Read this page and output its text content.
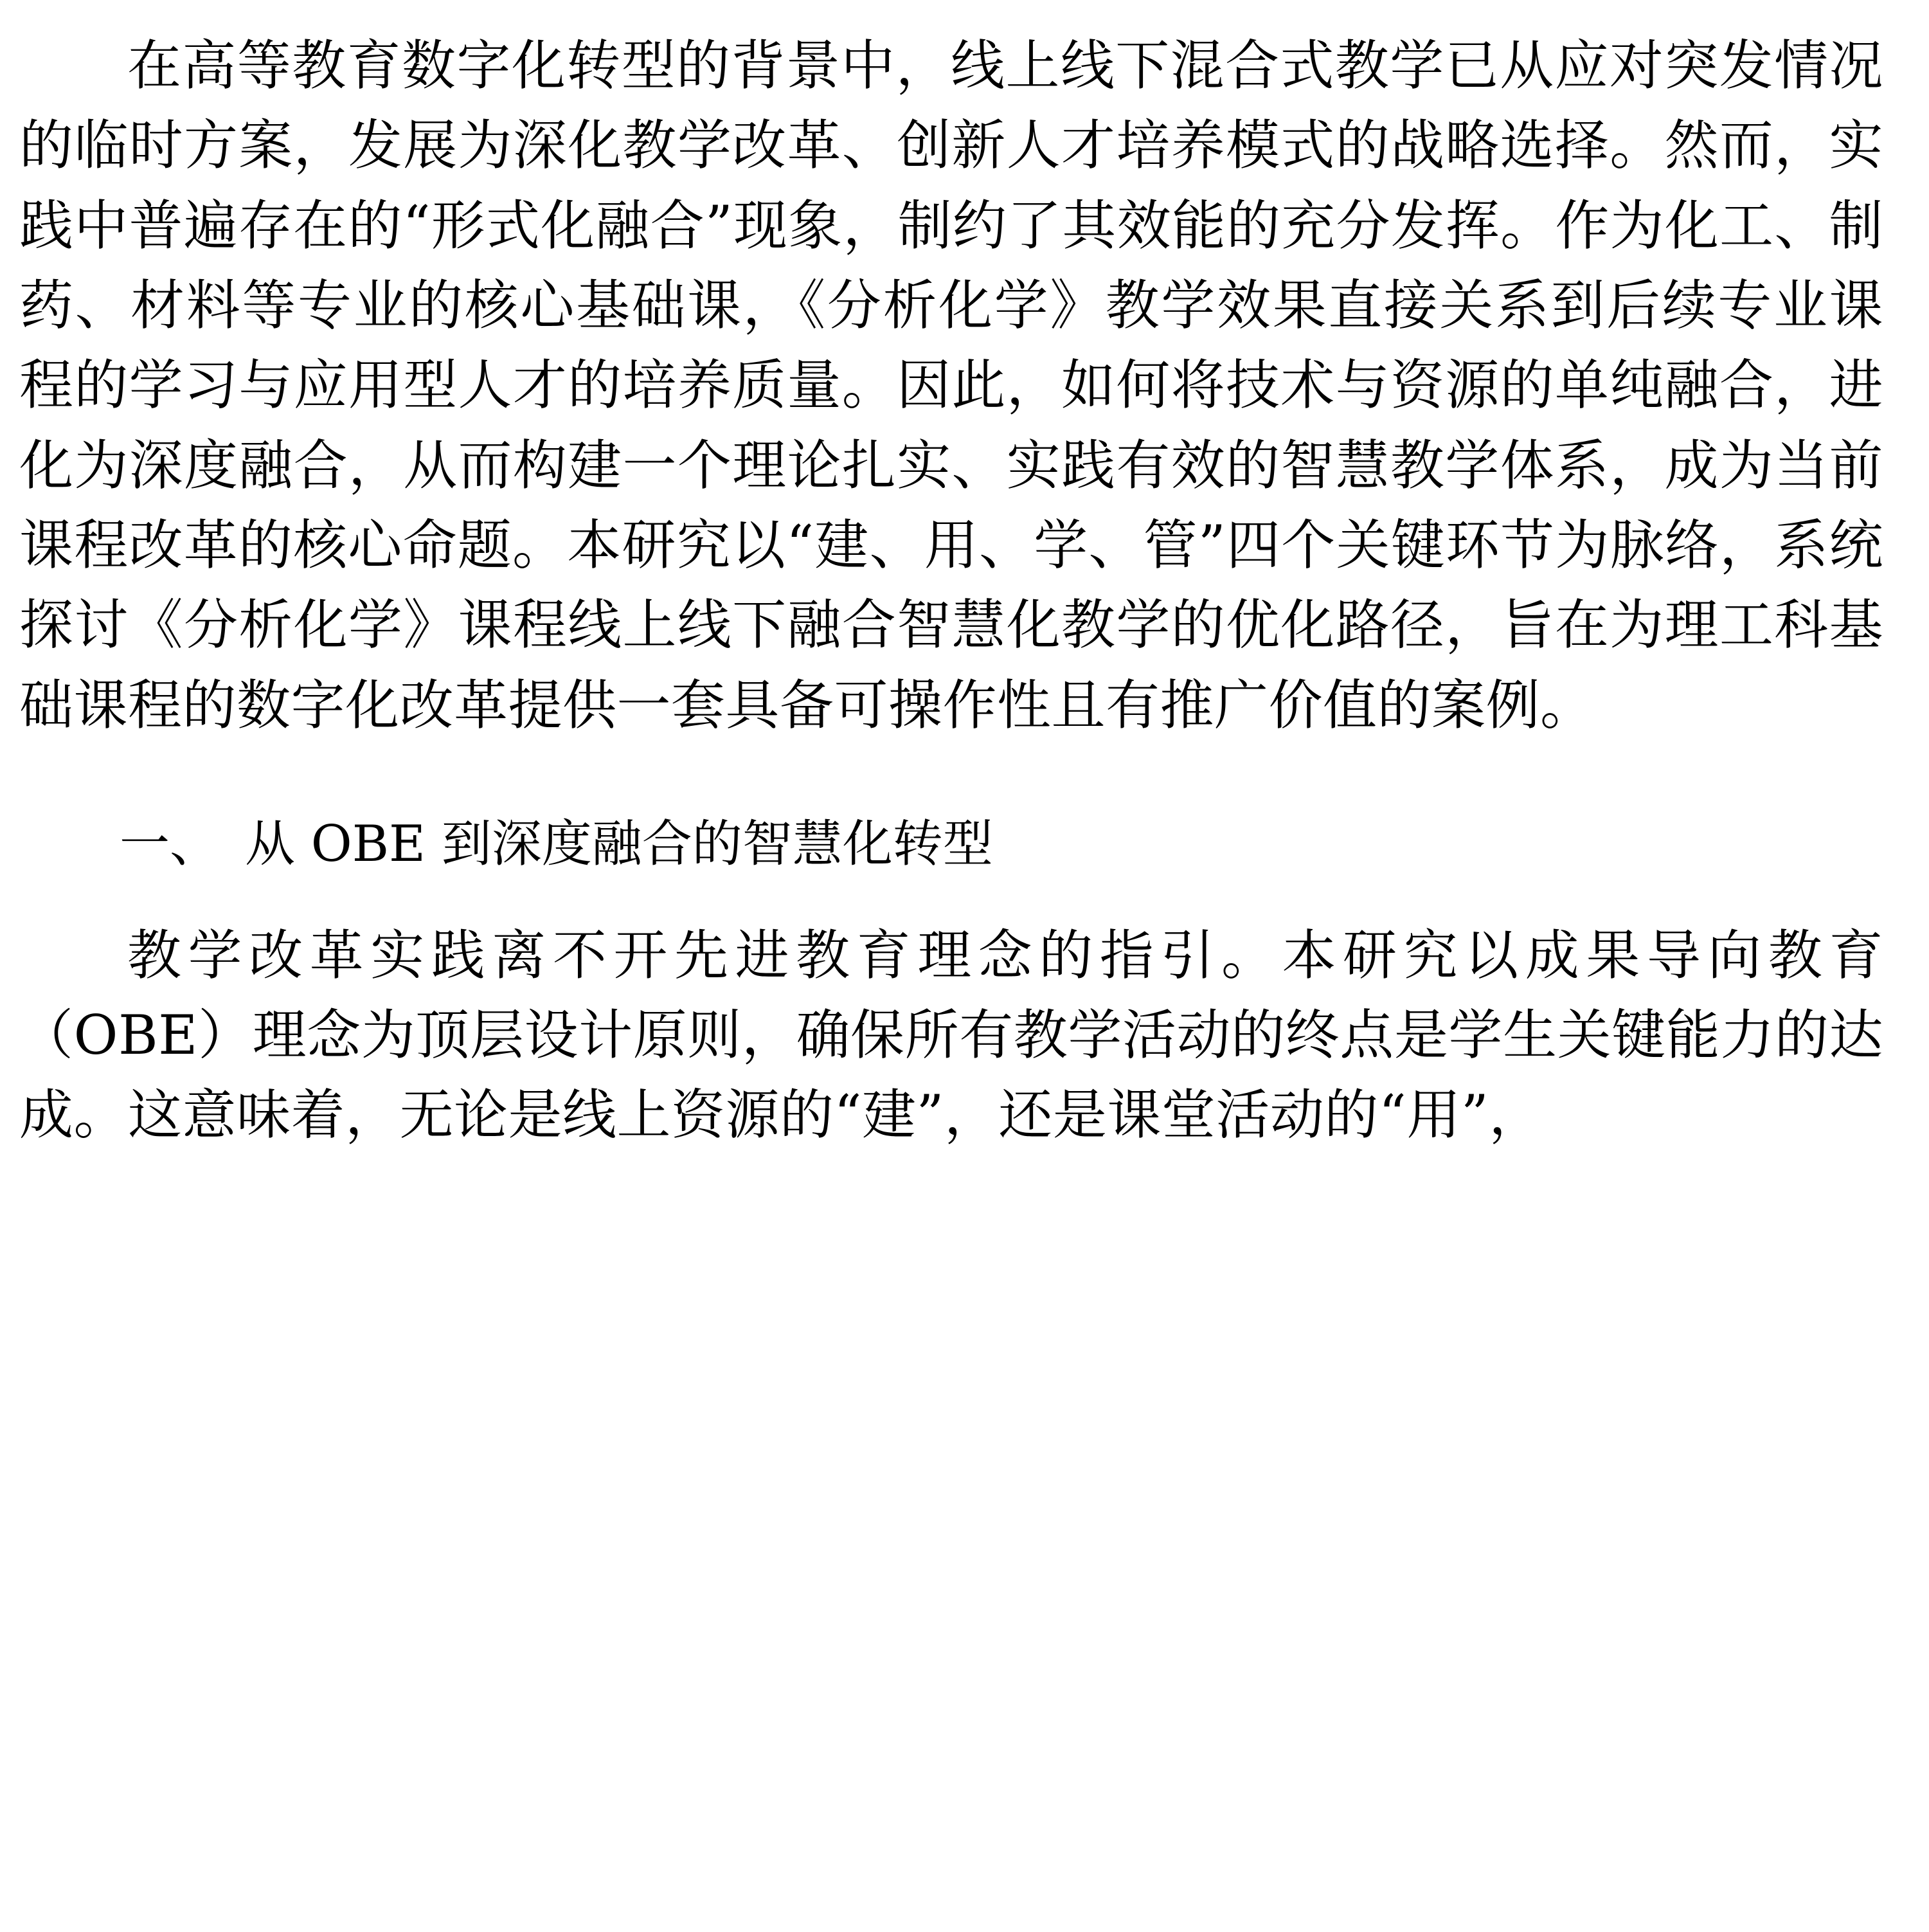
在高等教育数字化转型的背景中，线上线下混合式教学已从应对突发情况的临时方案，发展为深化教学改革、创新人才培养模式的战略选择。然而，实践中普遍存在的“形式化融合”现象，制约了其效能的充分发挥。作为化工、制药、材料等专业的核心基础课，《分析化学》教学效果直接关系到后续专业课程的学习与应用型人才的培养质量。因此，如何将技术与资源的单纯融合，进化为深度融合，从而构建一个理论扎实、实践有效的智慧教学体系，成为当前课程改革的核心命题。本研究以“建、用、学、管”四个关键环节为脉络，系统探讨《分析化学》课程线上线下融合智慧化教学的优化路径，旨在为理工科基础课程的数字化改革提供一套具备可操作性且有推广价值的案例。

一、　从 OBE 到深度融合的智慧化转型

教学改革实践离不开先进教育理念的指引。本研究以成果导向教育（OBE）理念为顶层设计原则，确保所有教学活动的终点是学生关键能力的达成。这意味着，无论是线上资源的“建”，还是课堂活动的“用”，
